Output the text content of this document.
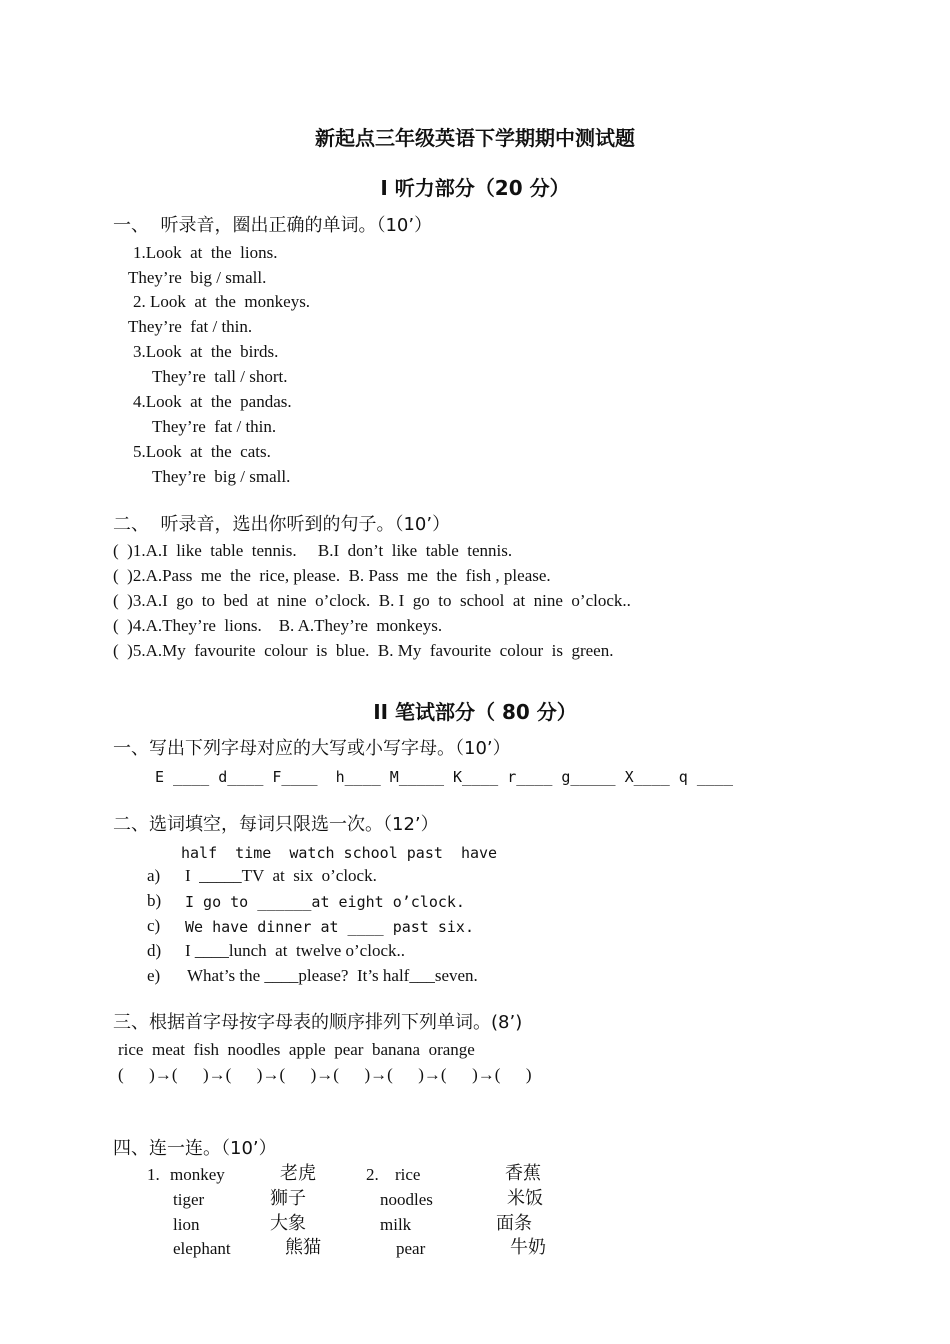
新起点三年级英语下学期期中测试题
I 听力部分（20 分）
一、  听录音，圈出正确的单词。（10’）
1.Look  at  the  lions.
They’re  big / small.
2. Look  at  the  monkeys.
They’re  fat / thin.
3.Look  at  the  birds.
They’re  tall / short.
4.Look  at  the  pandas.
They’re  fat / thin.
5.Look  at  the  cats.
They’re  big / small.
二、  听录音，选出你听到的句子。（10’）
(  )1.A.I  like  table  tennis.     B.I  don’t  like  table  tennis.
(  )2.A.Pass  me  the  rice, please.  B. Pass  me  the  fish , please.
(  )3.A.I  go  to  bed  at  nine  o’clock.  B. I  go  to  school  at  nine  o’clock..
(  )4.A.They’re  lions.    B. A.They’re  monkeys.
(  )5.A.My  favourite  colour  is  blue.  B. My  favourite  colour  is  green.
II 笔试部分（ 80 分）
一、写出下列字母对应的大写或小写字母。（10’）
E ____ d____ F____  h____ M_____ K____ r____ g_____ X____ q ____
二、选词填空，每词只限选一次。（12’）
half  time  watch school past  have
a) I  _____TV  at  six  o’clock.
b) I go to ______at eight o’clock.
c) We have dinner at ____ past six.
d) I ____lunch  at  twelve o’clock..
e) What’s the ____please?  It’s half___seven.
三、根据首字母按字母表的顺序排列下列单词。(8’)
rice  meat  fish  noodles  apple  pear  banana  orange
(      )→(      )→(      )→(      )→(      )→(      )→(      )→(      )
四、连一连。（10’）
1. monkey
tiger
lion
elephant
老虎
狮子
大象
熊猫
2. rice
noodles
milk
pear
香蕉
米饭
面条
牛奶
